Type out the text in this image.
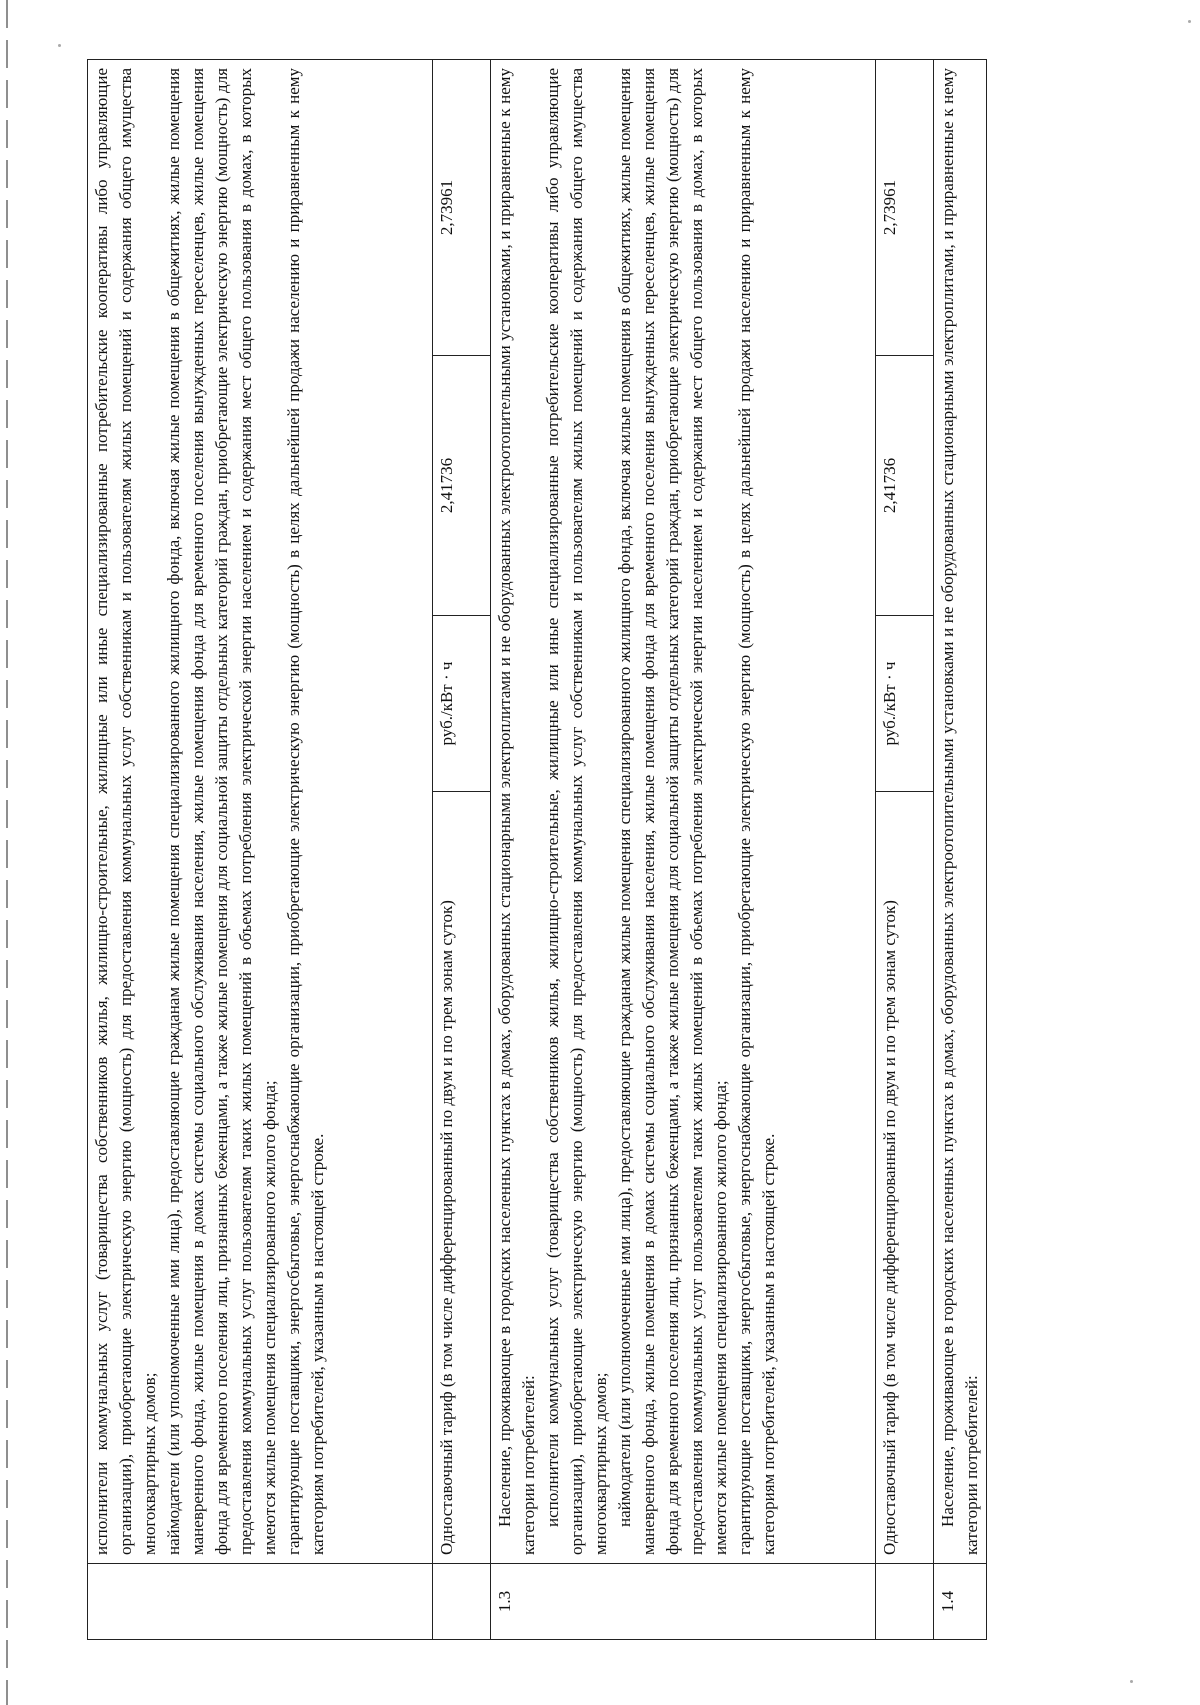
	исполнители коммунальных услуг (товарищества собственников жилья, жилищно-строительные, жилищные или иные специализированные потребительские кооперативы либо управляющие организации), приобретающие электрическую энергию (мощность) для предоставления коммунальных услуг собственникам и пользователям жилых помещений и содержания общего имущества многоквартирных домов; наймодатели (или уполномоченные ими лица), предоставляющие гражданам жилые помещения специализированного жилищного фонда, включая жилые помещения в общежитиях, жилые помещения маневренного фонда, жилые помещения в домах системы социального обслуживания населения, жилые помещения фонда для временного поселения вынужденных переселенцев, жилые помещения фонда для временного поселения лиц, признанных беженцами, а также жилые помещения для социальной защиты отдельных категорий граждан, приобретающие электрическую энергию (мощность) для предоставления коммунальных услуг пользователям таких жилых помещений в объемах потребления электрической энергии населением и содержания мест общего пользования в домах, в которых имеются жилые помещения специализированного жилого фонда; гарантирующие поставщики, энергосбытовые, энергоснабжающие организации, приобретающие электрическую энергию (мощность) в целях дальнейшей продажи населению и приравненным к нему категориям потребителей, указанным в настоящей строке.			

	Одноставочный тариф (в том числе дифференцированный по двум и по трем зонам суток)	руб./кВт · ч	2,41736	2,73961
1.3	Население, проживающее в городских населенных пунктах в домах, оборудованных стационарными электроплитами и не оборудованных электроотопительными установками, и приравненные к нему категории потребителей: исполнители коммунальных услуг (товарищества собственников жилья, жилищно-строительные, жилищные или иные специализированные потребительские кооперативы либо управляющие организации), приобретающие электрическую энергию (мощность) для предоставления коммунальных услуг собственникам и пользователям жилых помещений и содержания общего имущества многоквартирных домов; наймодатели (или уполномоченные ими лица), предоставляющие гражданам жилые помещения специализированного жилищного фонда, включая жилые помещения в общежитиях, жилые помещения маневренного фонда, жилые помещения в домах системы социального обслуживания населения, жилые помещения фонда для временного поселения вынужденных переселенцев, жилые помещения фонда для временного поселения лиц, признанных беженцами, а также жилые помещения для социальной защиты отдельных категорий граждан, приобретающие электрическую энергию (мощность) для предоставления коммунальных услуг пользователям таких жилых помещений в объемах потребления электрической энергии населением и содержания мест общего пользования в домах, в которых имеются жилые помещения специализированного жилого фонда; гарантирующие поставщики, энергосбытовые, энергоснабжающие организации, приобретающие электрическую энергию (мощность) в целях дальнейшей продажи населению и приравненным к нему категориям потребителей, указанным в настоящей строке.			

	Одноставочный тариф (в том числе дифференцированный по двум и по трем зонам суток)	руб./кВт · ч	2,41736	2,73961
1.4	Население, проживающее в городских населенных пунктах в домах, оборудованных электроотопительными установками и не оборудованных стационарными электроплитами, и приравненные к нему категории потребителей:			
